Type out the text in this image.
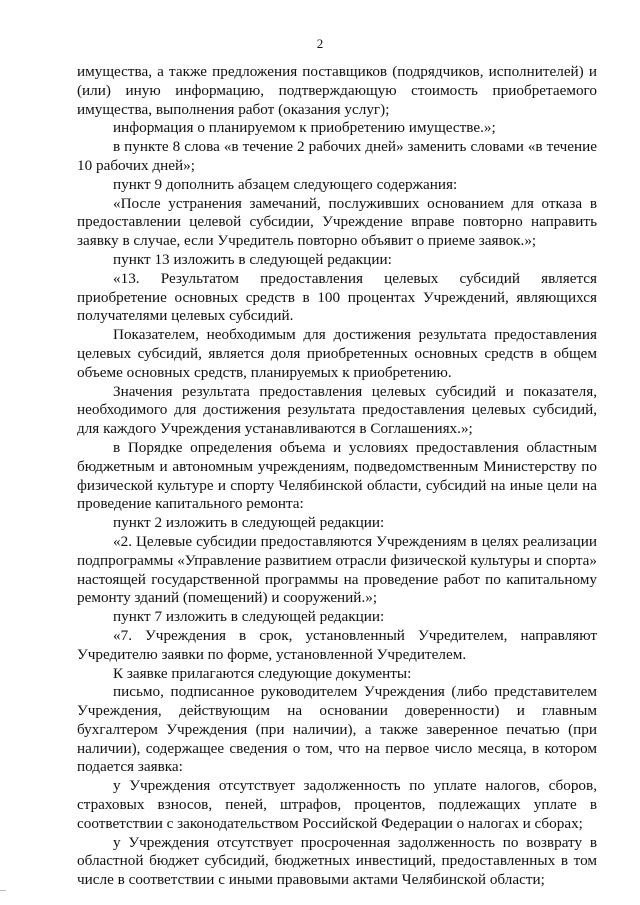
2

имущества, а также предложения поставщиков (подрядчиков, исполнителей) и (или) иную информацию, подтверждающую стоимость приобретаемого имущества, выполнения работ (оказания услуг);

информация о планируемом к приобретению имуществе.»;

в пункте 8 слова «в течение 2 рабочих дней» заменить словами «в течение 10 рабочих дней»;

пункт 9 дополнить абзацем следующего содержания:

«После устранения замечаний, послуживших основанием для отказа в предоставлении целевой субсидии, Учреждение вправе повторно направить заявку в случае, если Учредитель повторно объявит о приеме заявок.»;

пункт 13 изложить в следующей редакции:

«13. Результатом предоставления целевых субсидий является приобретение основных средств в 100 процентах Учреждений, являющихся получателями целевых субсидий.

Показателем, необходимым для достижения результата предоставления целевых субсидий, является доля приобретенных основных средств в общем объеме основных средств, планируемых к приобретению.

Значения результата предоставления целевых субсидий и показателя, необходимого для достижения результата предоставления целевых субсидий, для каждого Учреждения устанавливаются в Соглашениях.»;

в Порядке определения объема и условиях предоставления областным бюджетным и автономным учреждениям, подведомственным Министерству по физической культуре и спорту Челябинской области, субсидий на иные цели на проведение капитального ремонта:

пункт 2 изложить в следующей редакции:

«2. Целевые субсидии предоставляются Учреждениям в целях реализации подпрограммы «Управление развитием отрасли физической культуры и спорта» настоящей государственной программы на проведение работ по капитальному ремонту зданий (помещений) и сооружений.»;

пункт 7 изложить в следующей редакции:

«7. Учреждения в срок, установленный Учредителем, направляют Учредителю заявки по форме, установленной Учредителем.

К заявке прилагаются следующие документы:

письмо, подписанное руководителем Учреждения (либо представителем Учреждения, действующим на основании доверенности) и главным бухгалтером Учреждения (при наличии), а также заверенное печатью (при наличии), содержащее сведения о том, что на первое число месяца, в котором подается заявка:

у Учреждения отсутствует задолженность по уплате налогов, сборов, страховых взносов, пеней, штрафов, процентов, подлежащих уплате в соответствии с законодательством Российской Федерации о налогах и сборах;

у Учреждения отсутствует просроченная задолженность по возврату в областной бюджет субсидий, бюджетных инвестиций, предоставленных в том числе в соответствии с иными правовыми актами Челябинской области;
